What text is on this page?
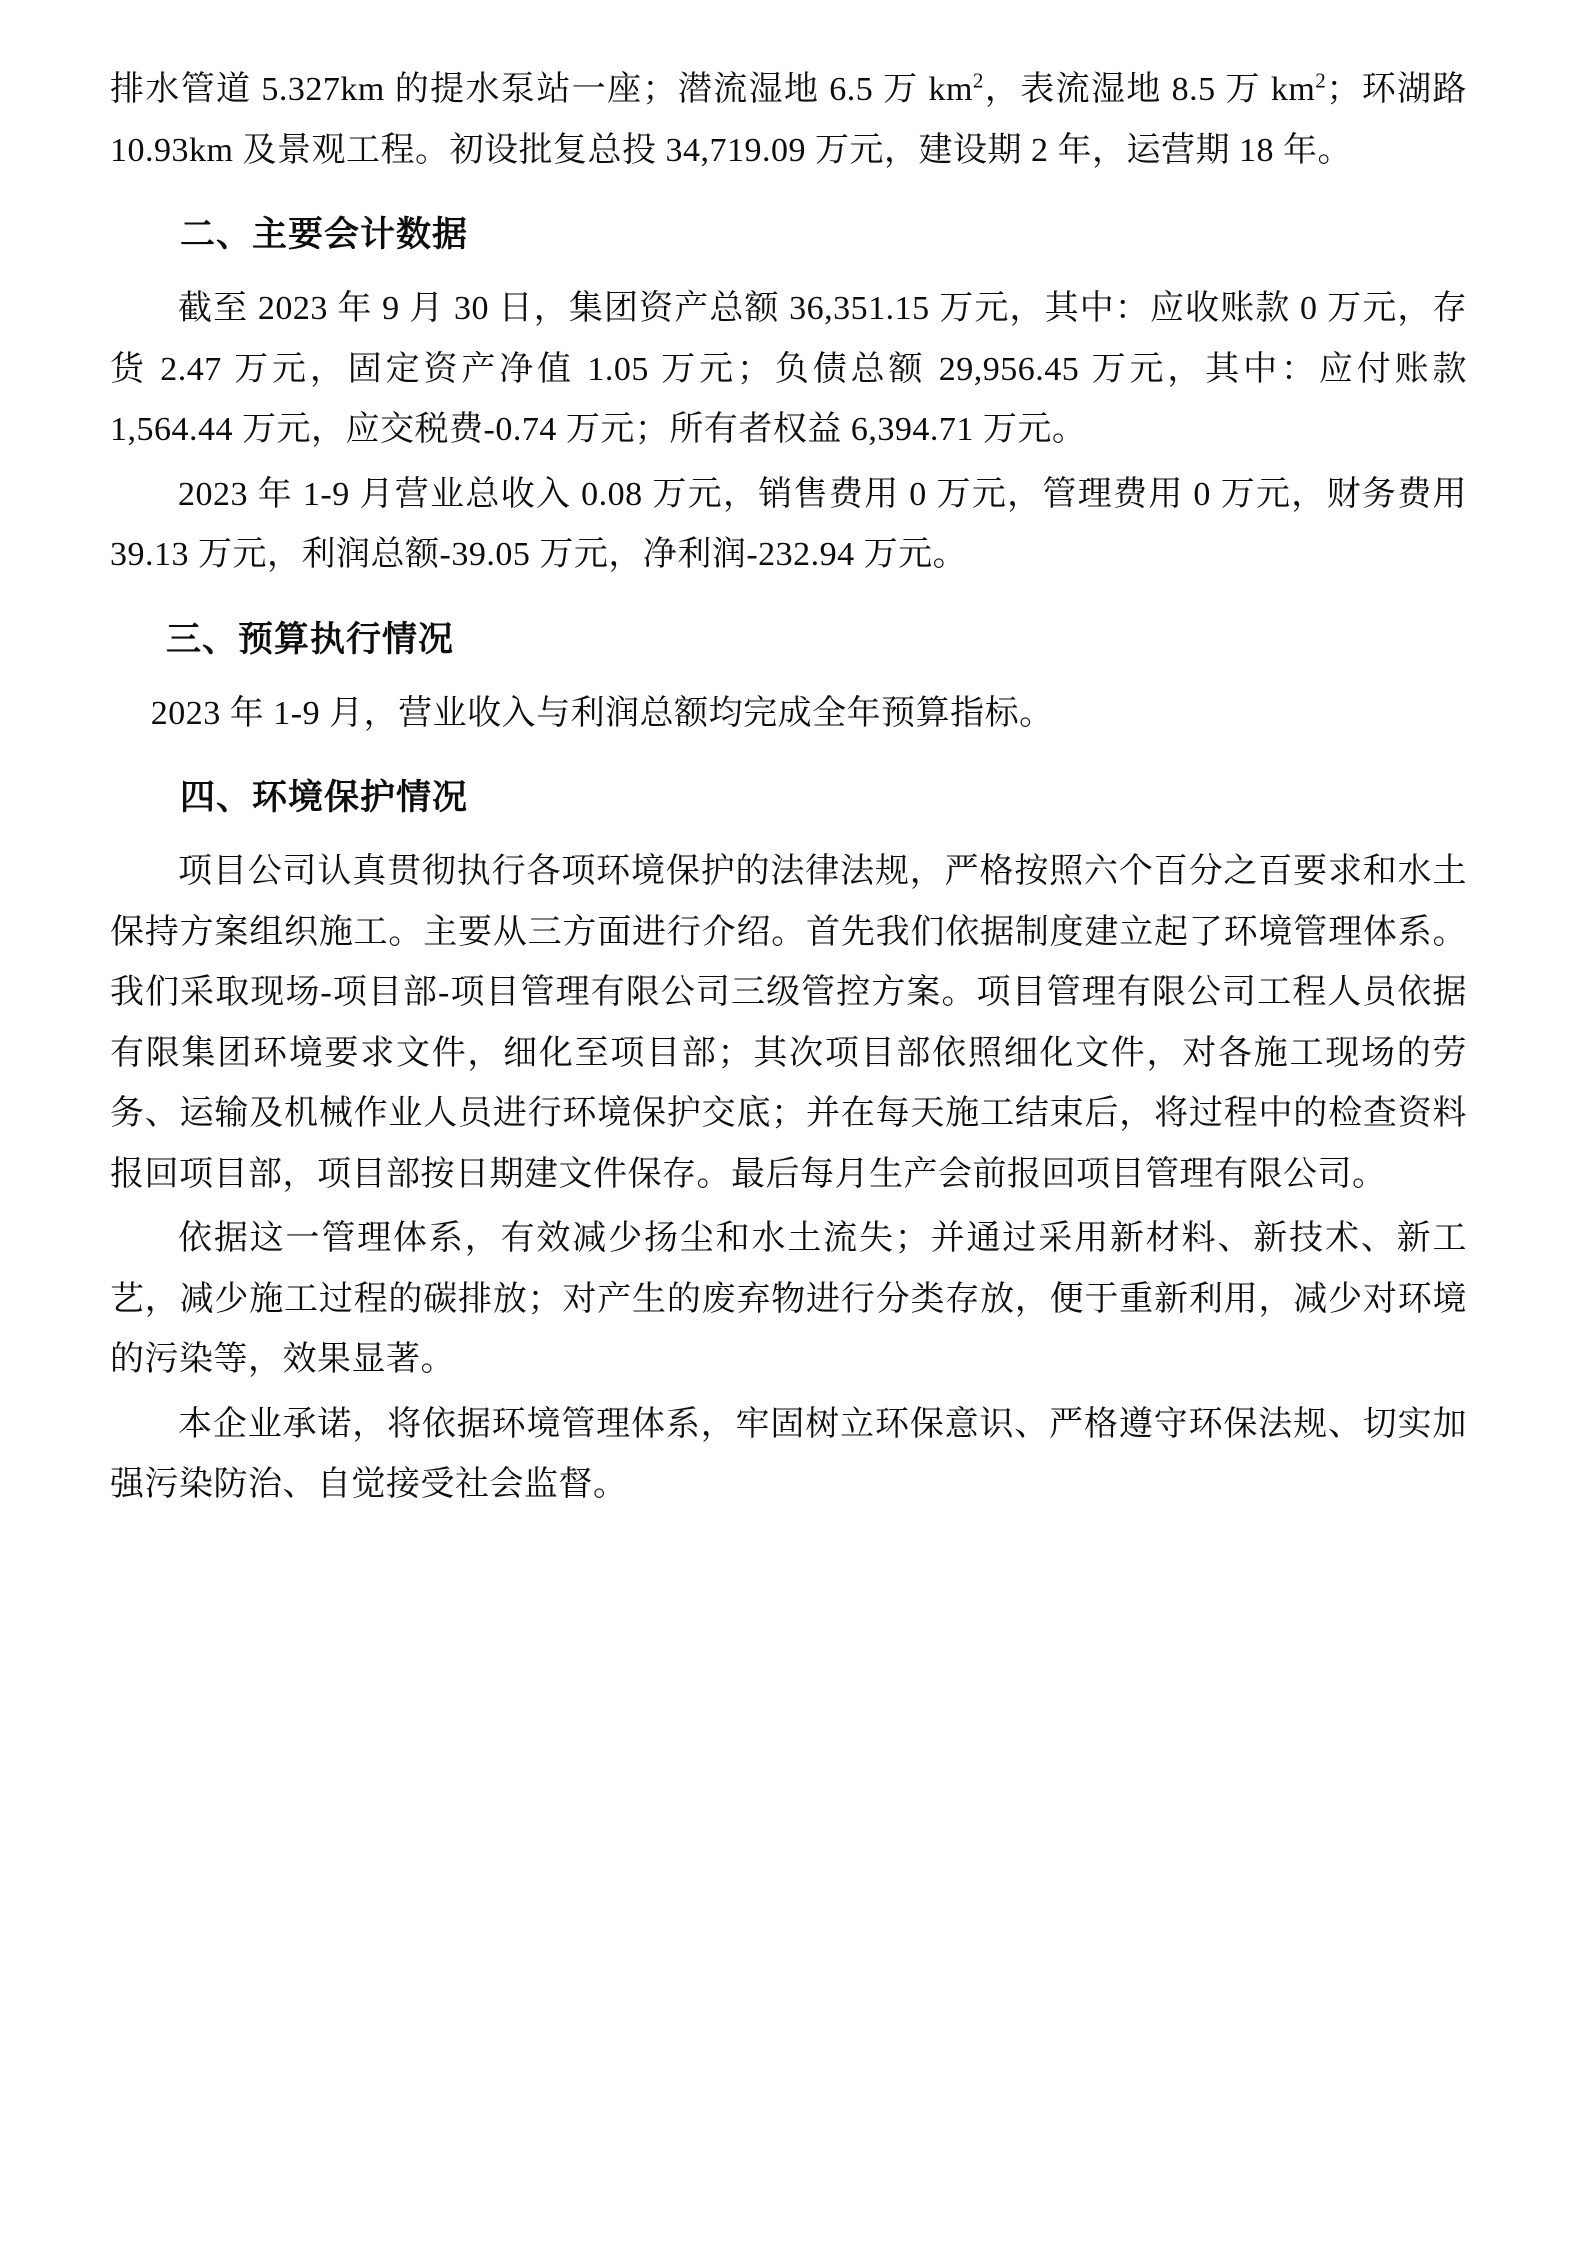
排水管道 5.327km 的提水泵站一座；潜流湿地 6.5 万 $km^2$，表流湿地 8.5 万 $km^2$；环湖路 10.93km 及景观工程。初设批复总投 34,719.09 万元，建设期 2 年，运营期 18 年。

二、主要会计数据

截至 2023 年 9 月 30 日，集团资产总额 36,351.15 万元，其中：应收账款 0 万元，存货 2.47 万元，固定资产净值 1.05 万元；负债总额 29,956.45 万元，其中：应付账款 1,564.44 万元，应交税费-0.74 万元；所有者权益 6,394.71 万元。

2023 年 1-9 月营业总收入 0.08 万元，销售费用 0 万元，管理费用 0 万元，财务费用 39.13 万元，利润总额-39.05 万元，净利润-232.94 万元。

三、预算执行情况

2023 年 1-9 月，营业收入与利润总额均完成全年预算指标。

四、环境保护情况

项目公司认真贯彻执行各项环境保护的法律法规，严格按照六个百分之百要求和水土保持方案组织施工。主要从三方面进行介绍。首先我们依据制度建立起了环境管理体系。我们采取现场-项目部-项目管理有限公司三级管控方案。项目管理有限公司工程人员依据有限集团环境要求文件，细化至项目部；其次项目部依照细化文件，对各施工现场的劳务、运输及机械作业人员进行环境保护交底；并在每天施工结束后，将过程中的检查资料报回项目部，项目部按日期建文件保存。最后每月生产会前报回项目管理有限公司。

依据这一管理体系，有效减少扬尘和水土流失；并通过采用新材料、新技术、新工艺，减少施工过程的碳排放；对产生的废弃物进行分类存放，便于重新利用，减少对环境的污染等，效果显著。

本企业承诺，将依据环境管理体系，牢固树立环保意识、严格遵守环保法规、切实加强污染防治、自觉接受社会监督。
